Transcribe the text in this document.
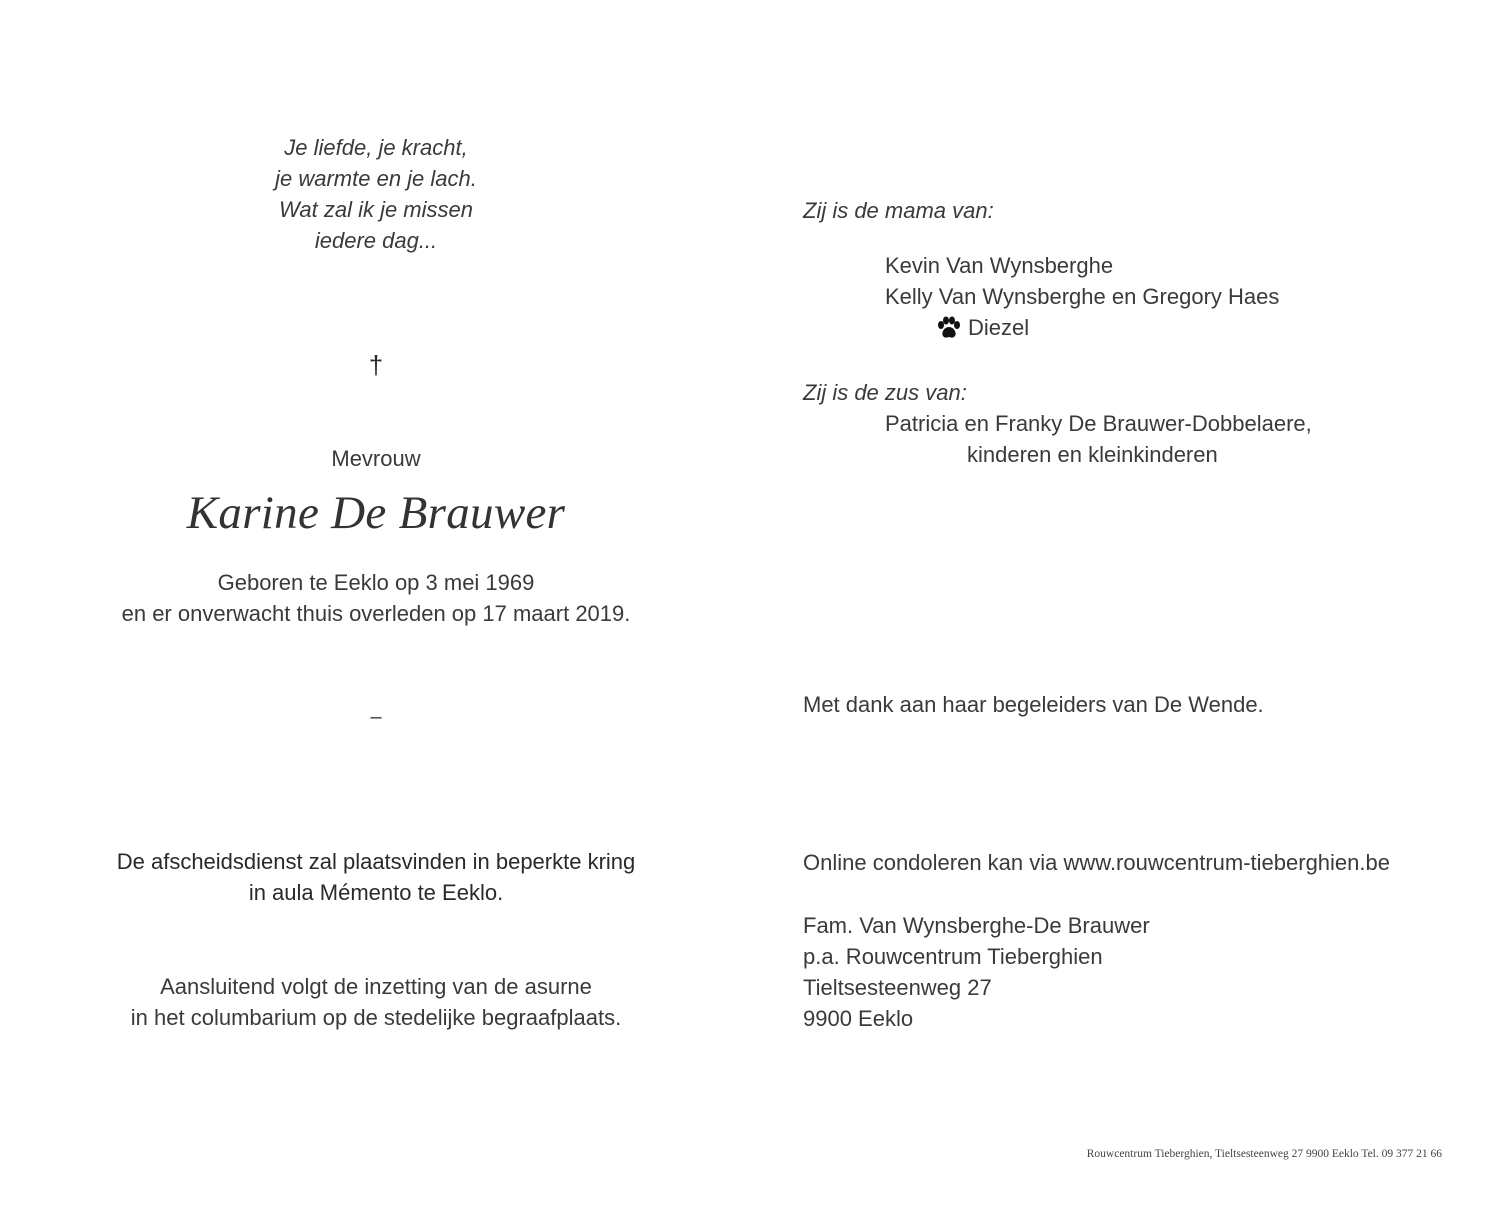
Je liefde, je kracht,
je warmte en je lach.
Wat zal ik je missen
iedere dag...
†
Mevrouw
Karine De Brauwer
Geboren te Eeklo op 3 mei 1969
en er onverwacht thuis overleden op 17 maart 2019.
–
De afscheidsdienst zal plaatsvinden in beperkte kring
in aula Mémento te Eeklo.
Aansluitend volgt de inzetting van de asurne
in het columbarium op de stedelijke begraafplaats.
Zij is de mama van:
Kevin Van Wynsberghe
Kelly Van Wynsberghe en Gregory Haes
Diezel
Zij is de zus van:
Patricia en Franky De Brauwer-Dobbelaere,
kinderen en kleinkinderen
Met dank aan haar begeleiders van De Wende.
Online condoleren kan via www.rouwcentrum-tieberghien.be
Fam. Van Wynsberghe-De Brauwer
p.a. Rouwcentrum Tieberghien
Tieltsesteenweg 27
9900 Eeklo
Rouwcentrum Tieberghien, Tieltsesteenweg 27 9900 Eeklo Tel. 09 377 21 66
